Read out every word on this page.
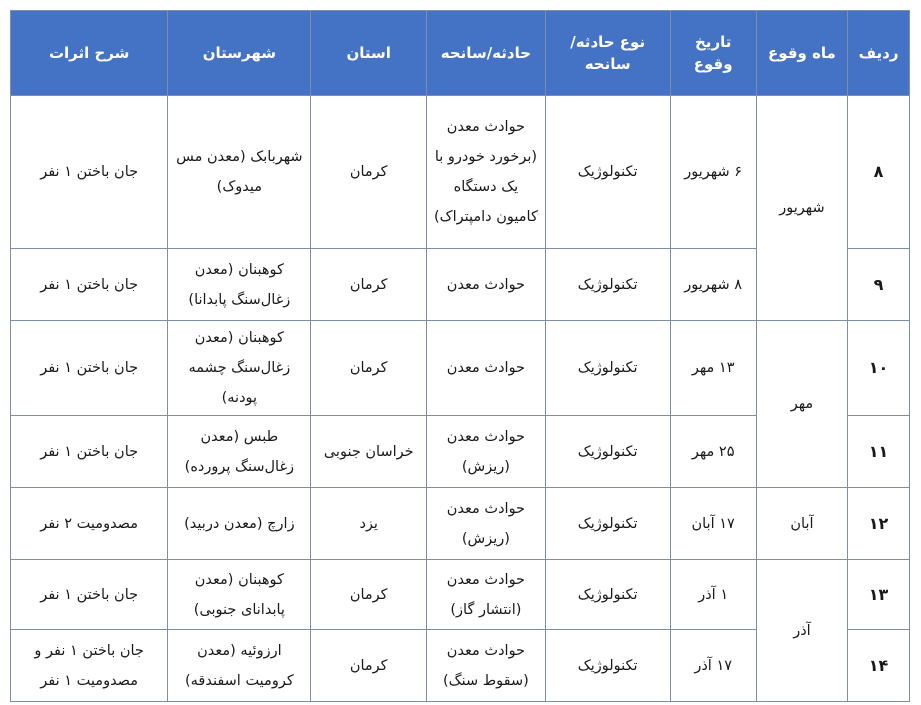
ردیف	ماه وقوع	تاریخ وقوع	نوع حادثه/سانحه	حادثه/سانحه	استان	شهرستان	شرح اثرات
۸	شهریور	۶ شهریور	تکنولوژیک	حوادث معدن (برخورد خودرو با یک دستگاه کامیون دامپتراک)	کرمان	شهربابک (معدن مس میدوک)	جان باختن ۱ نفر
۹		۸ شهریور	تکنولوژیک	حوادث معدن	کرمان	کوهبنان (معدن زغال‌سنگ پابدانا)	جان باختن ۱ نفر
۱۰	مهر	۱۳ مهر	تکنولوژیک	حوادث معدن	کرمان	کوهبنان (معدن زغال‌سنگ چشمه پودنه)	جان باختن ۱ نفر
۱۱		۲۵ مهر	تکنولوژیک	حوادث معدن (ریزش)	خراسان جنوبی	طبس (معدن زغال‌سنگ پرورده)	جان باختن ۱ نفر
۱۲	آبان	۱۷ آبان	تکنولوژیک	حوادث معدن (ریزش)	یزد	زارچ (معدن دربید)	مصدومیت ۲ نفر
۱۳	آذر	۱ آذر	تکنولوژیک	حوادث معدن (انتشار گاز)	کرمان	کوهبنان (معدن پابدانای جنوبی)	جان باختن ۱ نفر
۱۴		۱۷ آذر	تکنولوژیک	حوادث معدن (سقوط سنگ)	کرمان	ارزوئیه (معدن کرومیت اسفندقه)	جان باختن ۱ نفر و مصدومیت ۱ نفر
